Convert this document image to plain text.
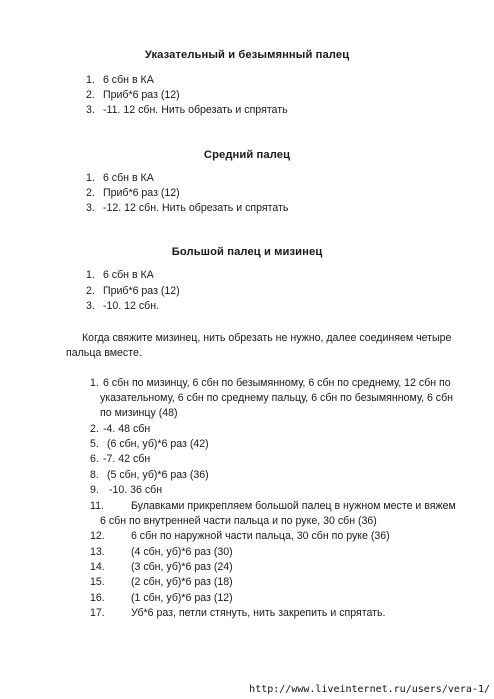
Указательный и безымянный палец
1. 6 сбн в КА
2. Приб*6 раз (12)
3. -11. 12 сбн. Нить обрезать и спрятать
Средний палец
1. 6 сбн в КА
2. Приб*6 раз (12)
3. -12. 12 сбн. Нить обрезать и спрятать
Большой палец и мизинец
1. 6 сбн в КА
2. Приб*6 раз (12)
3. -10. 12 сбн.
Когда свяжите мизинец, нить обрезать не нужно, далее соединяем четыре
пальца вместе.
1. 6 сбн по мизинцу, 6 сбн по безымянному, 6 сбн по среднему, 12 сбн по
указательному, 6 сбн по среднему пальцу, 6 сбн по безымянному, 6 сбн
по мизинцу (48)
2. -4. 48 сбн
5. (6 сбн, уб)*6 раз (42)
6. -7. 42 сбн
8. (5 сбн, уб)*6 раз (36)
9. -10. 36 сбн
11.	Булавками прикрепляем большой палец в нужном месте и вяжем
6 сбн по внутренней части пальца и по руке, 30 сбн (36)
12. 6 сбн по наружной части пальца, 30 сбн по руке (36)
13. (4 сбн, уб)*6 раз (30)
14. (3 сбн, уб)*6 раз (24)
15. (2 сбн, уб)*6 раз (18)
16. (1 сбн, уб)*6 раз (12)
17. Уб*6 раз, петли стянуть, нить закрепить и спрятать.
http://www.liveinternet.ru/users/vera-1/
